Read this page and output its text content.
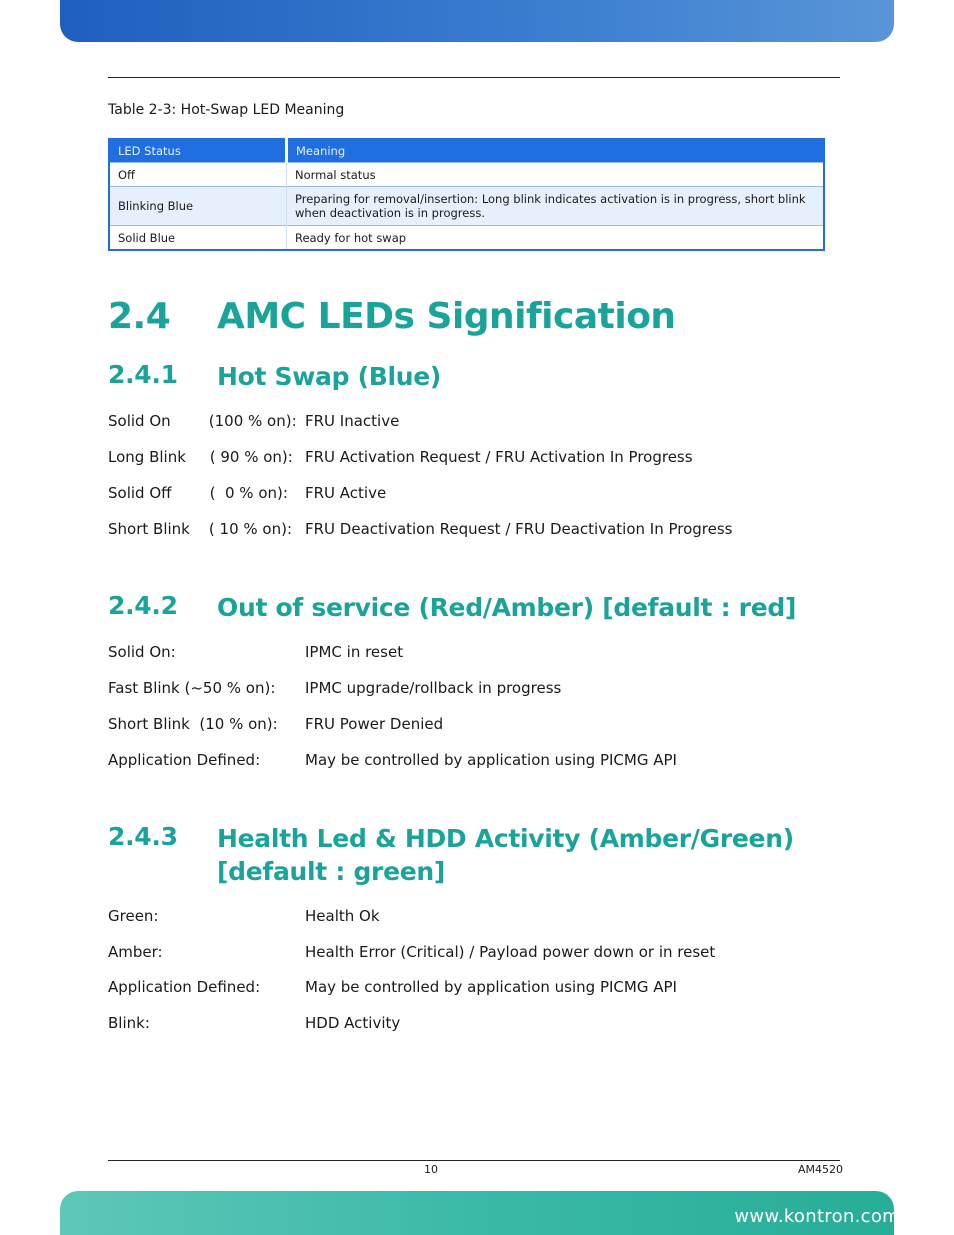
Table 2-3: Hot-Swap LED Meaning
LED Status	Meaning
Off	Normal status
Blinking Blue	Preparing for removal/insertion: Long blink indicates activation is in progress, short blink when deactivation is in progress.
Solid Blue	Ready for hot swap
2.4 AMC LEDs Signification
2.4.1 Hot Swap (Blue)
Solid On        (100 % on): FRU Inactive
Long Blink     ( 90 % on): FRU Activation Request / FRU Activation In Progress
Solid Off        (  0 % on): FRU Active
Short Blink    ( 10 % on): FRU Deactivation Request / FRU Deactivation In Progress
2.4.2 Out of service (Red/Amber) [default : red]
Solid On:	IPMC in reset
Fast Blink (~50 % on): IPMC upgrade/rollback in progress
Short Blink  (10 % on): FRU Power Denied
Application Defined:	May be controlled by application using PICMG API
2.4.3 Health Led & HDD Activity (Amber/Green) [default : green]
Green:	Health Ok
Amber:	Health Error (Critical) / Payload power down or in reset
Application Defined:	May be controlled by application using PICMG API
Blink:	HDD Activity
10	AM4520
www.kontron.com
